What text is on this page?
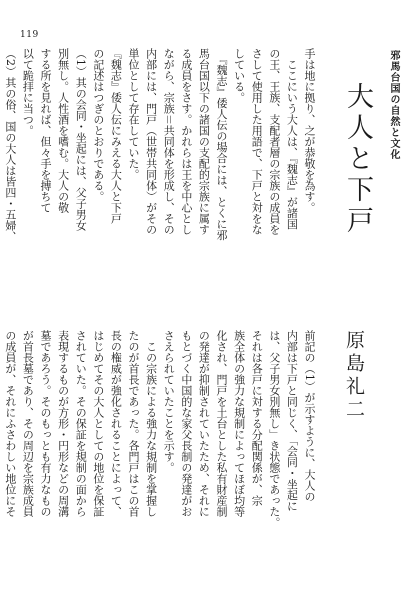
119
邪馬台国の自然と文化
大人と下戸
原島礼二
前記の（1）が示すように、大人の
内部は下戸と同じく、「会同・坐起に
は、父子男女別無し」き状態であった。
それは各戸に対する分配関係が、宗
族全体の強力な規制によってほぼ均等
化され、門戸を土台とした私有財産制
の発達が抑制されていたため、それに
もとづく中国的な家父長制の発達がお
さえられていたことを示す。
　この宗族による強力な規制を掌握し
たのが首長であった。各門戸はこの首
長の権威が強化されることによって、
はじめてその大人としての地位を保証
されていた。その保証を規制の面から
表現するものが方形・円形などの周溝
墓であろう。そのもっとも有力なもの
が首長墓であり、その周辺を宗族成員
の成員が、それにふさわしい地位にそ
手は地に拠り、之が恭敬を為す。
　ここにいう大人は、『魏志』が諸国
の王、王族、支配者層の宗族の成員を
さして使用した用語で、下戸と対をな
している。
　『魏志』倭人伝の場合には、とくに邪
馬台国以下の諸国の支配的宗族に属す
る成員をさす。かれらは王を中心とし
ながら、宗族＝共同体を形成し、その
内部には、門戸（世帯共同体）がその
単位として存在していた。
『魏志』倭人伝にみえる大人と下戸
の記述はつぎのとおりである。
（1）其の会同・坐起には、父子男女
別無し。人性酒を嗜む。大人の敬
する所を見れば、但々手を搏ちて
以て跪拝に当つ。
（2）其の俗、国の大人は皆四・五婦、
